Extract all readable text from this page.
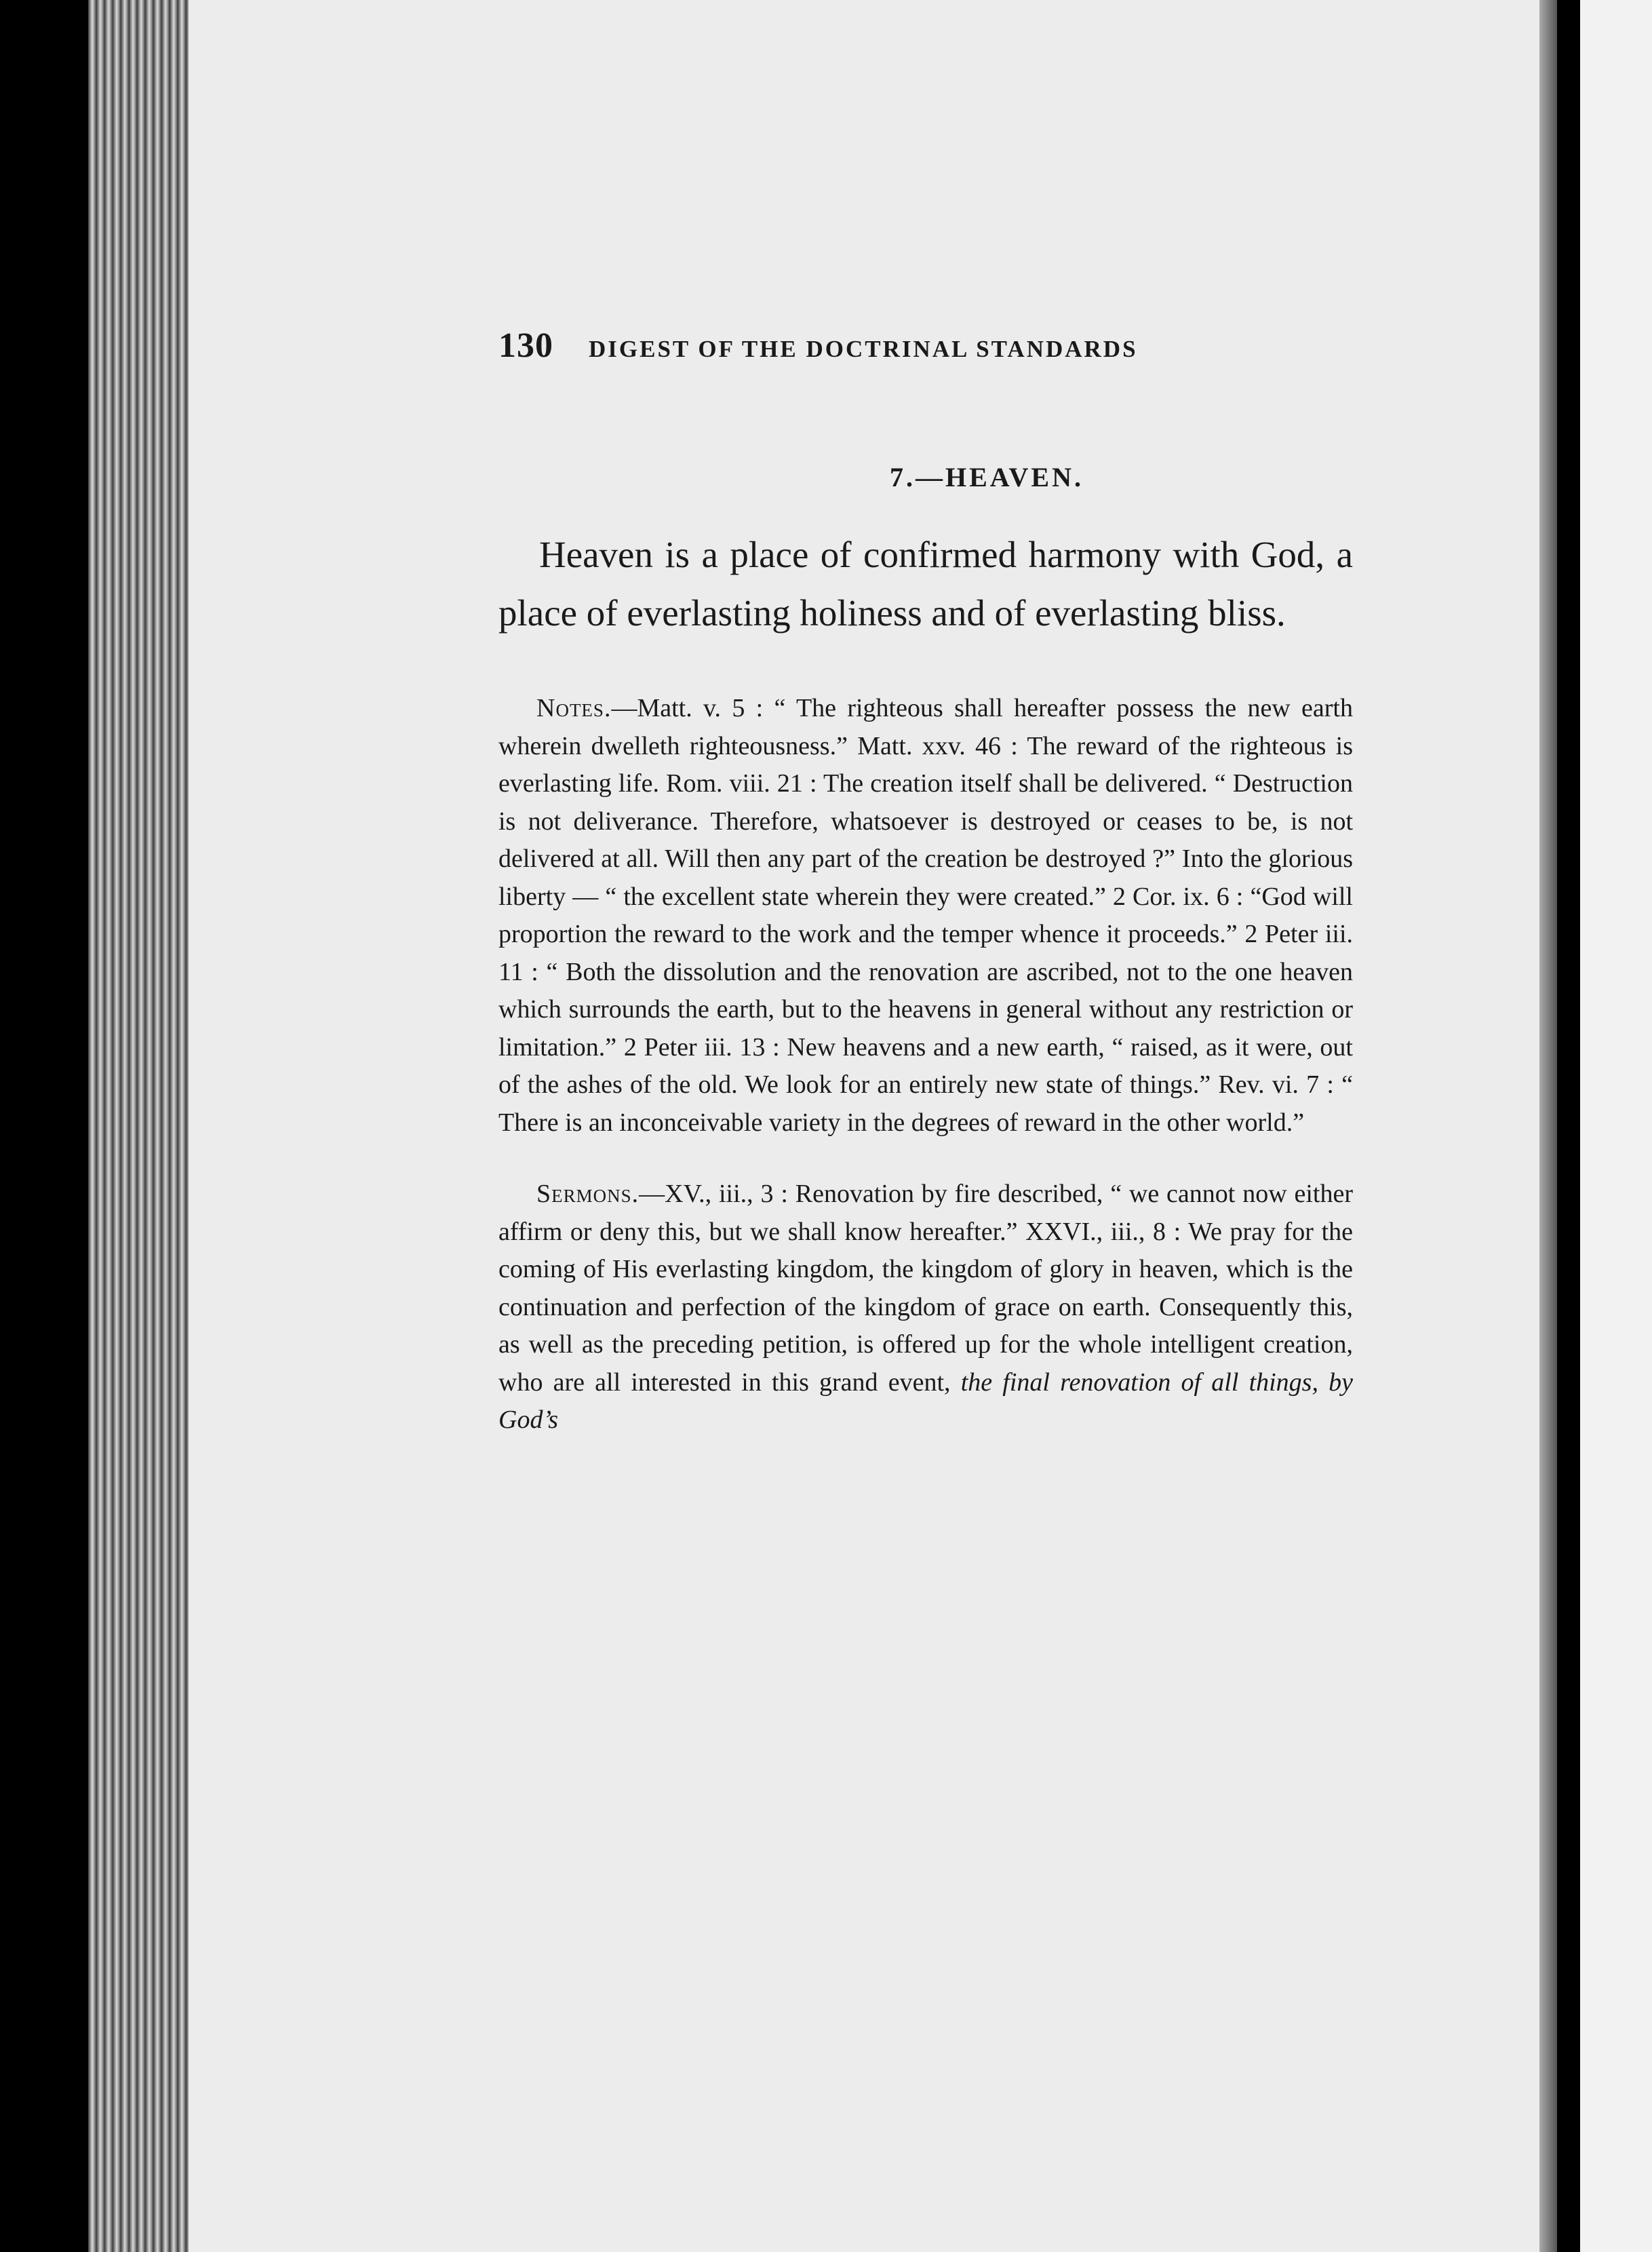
130 DIGEST OF THE DOCTRINAL STANDARDS
7.—HEAVEN.
Heaven is a place of confirmed harmony with God, a place of everlasting holiness and of everlasting bliss.
Notes.—Matt. v. 5 : “ The righteous shall hereafter possess the new earth wherein dwelleth righteousness.” Matt. xxv. 46 : The reward of the righteous is everlasting life. Rom. viii. 21 : The creation itself shall be delivered. “ Destruction is not deliverance. Therefore, whatsoever is destroyed or ceases to be, is not delivered at all. Will then any part of the creation be destroyed ?” Into the glorious liberty — “ the excellent state wherein they were created.” 2 Cor. ix. 6 : “God will proportion the reward to the work and the temper whence it proceeds.” 2 Peter iii. 11 : “ Both the dissolution and the renovation are ascribed, not to the one heaven which surrounds the earth, but to the heavens in general without any restriction or limitation.” 2 Peter iii. 13 : New heavens and a new earth, “ raised, as it were, out of the ashes of the old. We look for an entirely new state of things.” Rev. vi. 7 : “ There is an inconceivable variety in the degrees of reward in the other world.”
Sermons.—XV., iii., 3 : Renovation by fire described, “ we cannot now either affirm or deny this, but we shall know hereafter.” XXVI., iii., 8 : We pray for the coming of His everlasting kingdom, the kingdom of glory in heaven, which is the continuation and perfection of the kingdom of grace on earth. Consequently this, as well as the preceding petition, is offered up for the whole intelligent creation, who are all interested in this grand event, the final renovation of all things, by God’s
